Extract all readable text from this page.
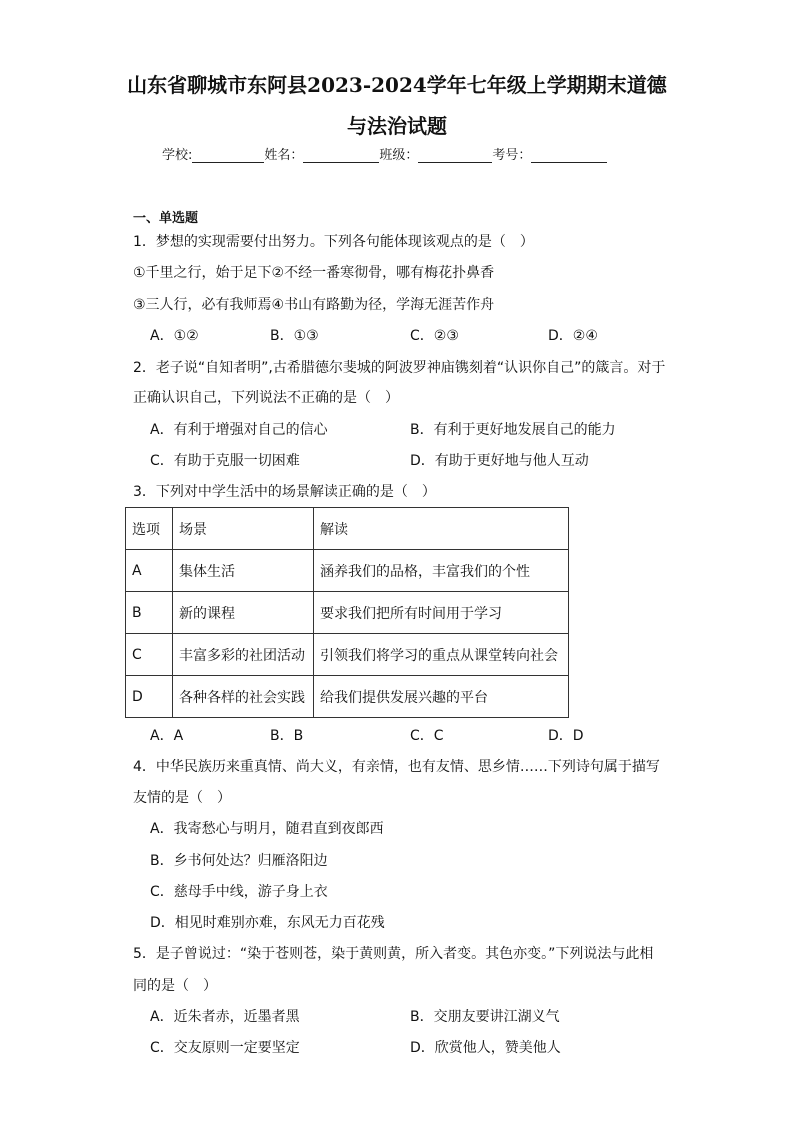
山东省聊城市东阿县2023-2024学年七年级上学期期末道德
与法治试题
学校:	姓名：	班级：	考号：
一、单选题
1．梦想的实现需要付出努力。下列各句能体现该观点的是（　）
①千里之行，始于足下②不经一番寒彻骨，哪有梅花扑鼻香
③三人行，必有我师焉④书山有路勤为径，学海无涯苦作舟
A．①②	B．①③	C．②③	D．②④
2．老子说“自知者明”,古希腊德尔斐城的阿波罗神庙镌刻着“认识你自己”的箴言。对于
正确认识自己，下列说法不正确的是（　）
A．有利于增强对自己的信心	B．有利于更好地发展自己的能力
C．有助于克服一切困难	D．有助于更好地与他人互动
3．下列对中学生活中的场景解读正确的是（　）
选项	场景	解读
A	集体生活	涵养我们的品格，丰富我们的个性
B	新的课程	要求我们把所有时间用于学习
C	丰富多彩的社团活动	引领我们将学习的重点从课堂转向社会
D	各种各样的社会实践	给我们提供发展兴趣的平台
A．A	B．B	C．C	D．D
4．中华民族历来重真情、尚大义，有亲情，也有友情、思乡情……下列诗句属于描写
友情的是（　）
A．我寄愁心与明月，随君直到夜郎西
B．乡书何处达？归雁洛阳边
C．慈母手中线，游子身上衣
D．相见时难别亦难，东风无力百花残
5．是子曾说过：“染于苍则苍，染于黄则黄，所入者变。其色亦变。”下列说法与此相
同的是（　）
A．近朱者赤，近墨者黑	B．交朋友要讲江湖义气
C．交友原则一定要坚定	D．欣赏他人，赞美他人
